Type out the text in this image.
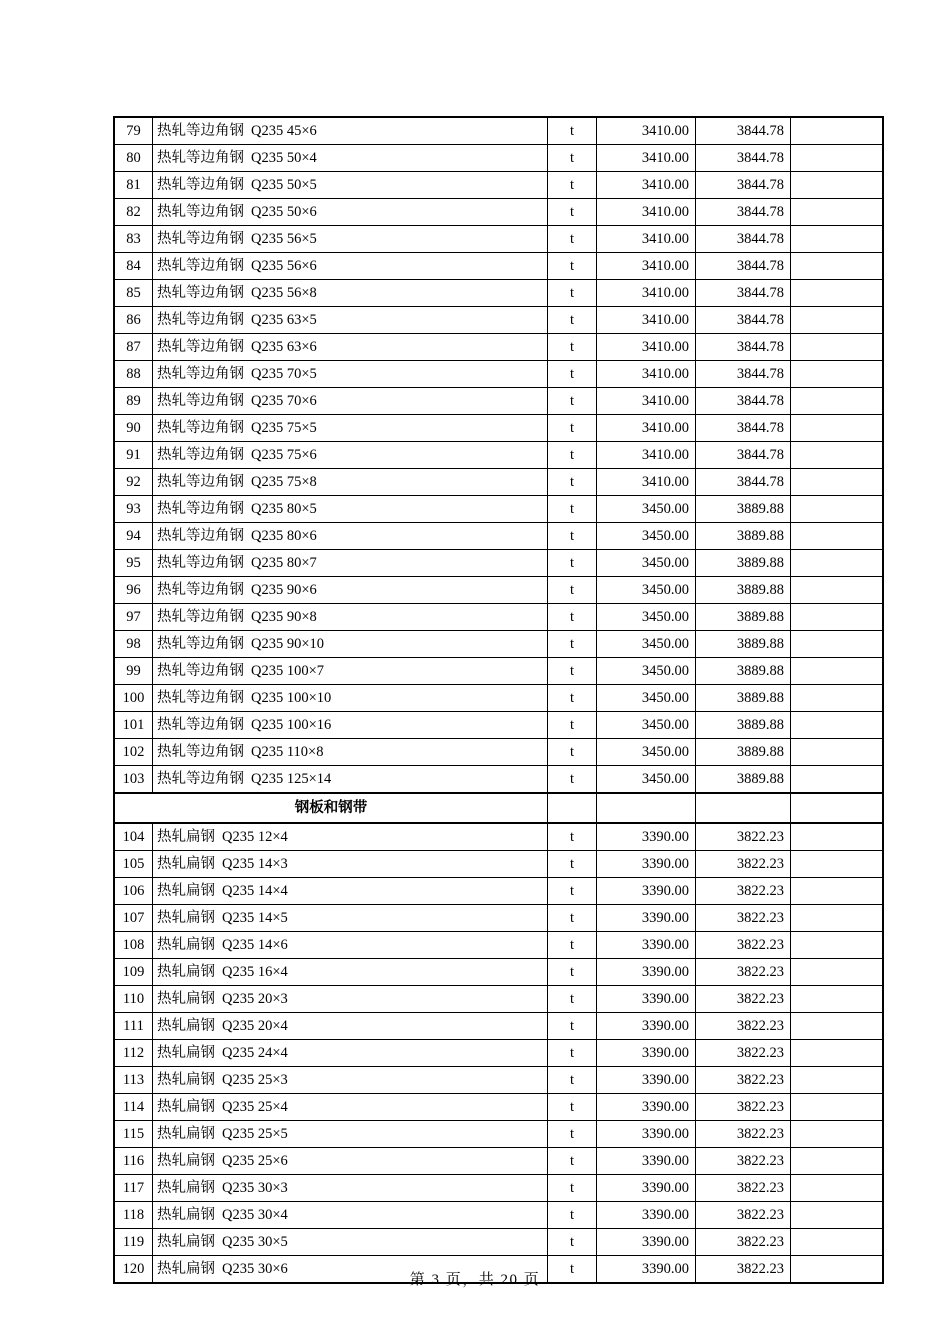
79	热轧等边角钢 Q235 45×6	t	3410.00	3844.78	
80	热轧等边角钢 Q235 50×4	t	3410.00	3844.78	
81	热轧等边角钢 Q235 50×5	t	3410.00	3844.78	
82	热轧等边角钢 Q235 50×6	t	3410.00	3844.78	
83	热轧等边角钢 Q235 56×5	t	3410.00	3844.78	
84	热轧等边角钢 Q235 56×6	t	3410.00	3844.78	
85	热轧等边角钢 Q235 56×8	t	3410.00	3844.78	
86	热轧等边角钢 Q235 63×5	t	3410.00	3844.78	
87	热轧等边角钢 Q235 63×6	t	3410.00	3844.78	
88	热轧等边角钢 Q235 70×5	t	3410.00	3844.78	
89	热轧等边角钢 Q235 70×6	t	3410.00	3844.78	
90	热轧等边角钢 Q235 75×5	t	3410.00	3844.78	
91	热轧等边角钢 Q235 75×6	t	3410.00	3844.78	
92	热轧等边角钢 Q235 75×8	t	3410.00	3844.78	
93	热轧等边角钢 Q235 80×5	t	3450.00	3889.88	
94	热轧等边角钢 Q235 80×6	t	3450.00	3889.88	
95	热轧等边角钢 Q235 80×7	t	3450.00	3889.88	
96	热轧等边角钢 Q235 90×6	t	3450.00	3889.88	
97	热轧等边角钢 Q235 90×8	t	3450.00	3889.88	
98	热轧等边角钢 Q235 90×10	t	3450.00	3889.88	
99	热轧等边角钢 Q235 100×7	t	3450.00	3889.88	
100	热轧等边角钢 Q235 100×10	t	3450.00	3889.88	
101	热轧等边角钢 Q235 100×16	t	3450.00	3889.88	
102	热轧等边角钢 Q235 110×8	t	3450.00	3889.88	
103	热轧等边角钢 Q235 125×14	t	3450.00	3889.88	
钢板和钢带					
104	热轧扁钢 Q235 12×4	t	3390.00	3822.23	
105	热轧扁钢 Q235 14×3	t	3390.00	3822.23	
106	热轧扁钢 Q235 14×4	t	3390.00	3822.23	
107	热轧扁钢 Q235 14×5	t	3390.00	3822.23	
108	热轧扁钢 Q235 14×6	t	3390.00	3822.23	
109	热轧扁钢 Q235 16×4	t	3390.00	3822.23	
110	热轧扁钢 Q235 20×3	t	3390.00	3822.23	
111	热轧扁钢 Q235 20×4	t	3390.00	3822.23	
112	热轧扁钢 Q235 24×4	t	3390.00	3822.23	
113	热轧扁钢 Q235 25×3	t	3390.00	3822.23	
114	热轧扁钢 Q235 25×4	t	3390.00	3822.23	
115	热轧扁钢 Q235 25×5	t	3390.00	3822.23	
116	热轧扁钢 Q235 25×6	t	3390.00	3822.23	
117	热轧扁钢 Q235 30×3	t	3390.00	3822.23	
118	热轧扁钢 Q235 30×4	t	3390.00	3822.23	
119	热轧扁钢 Q235 30×5	t	3390.00	3822.23	
120	热轧扁钢 Q235 30×6	t	3390.00	3822.23	
第 3 页，共 20 页
